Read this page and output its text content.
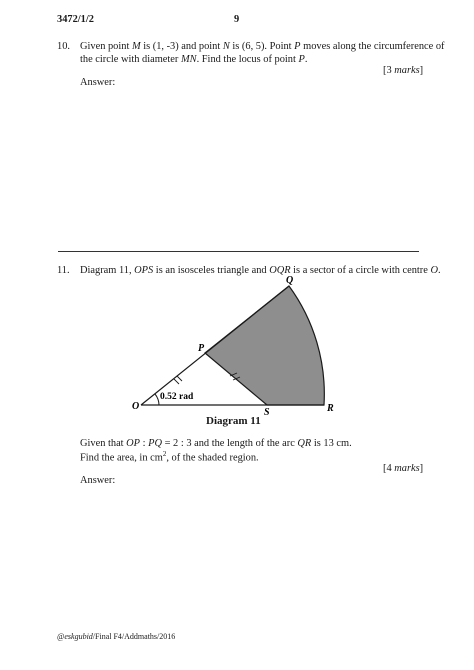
3472/1/2	9
10. Given point M is (1, -3) and point N is (6, 5). Point P moves along the circumference of
the circle with diameter MN. Find the locus of point P.
[3 marks]
Answer:
11. Diagram 11, OPS is an isosceles triangle and OQR is a sector of a circle with centre O.
O
P
Q
R
S
0.52 rad
Diagram 11
Given that OP : PQ = 2 : 3 and the length of the arc QR is 13 cm.
Find the area, in $cm^2$, of the shaded region.
[4 marks]
Answer:
@eskgubid/Final F4/Addmaths/2016
